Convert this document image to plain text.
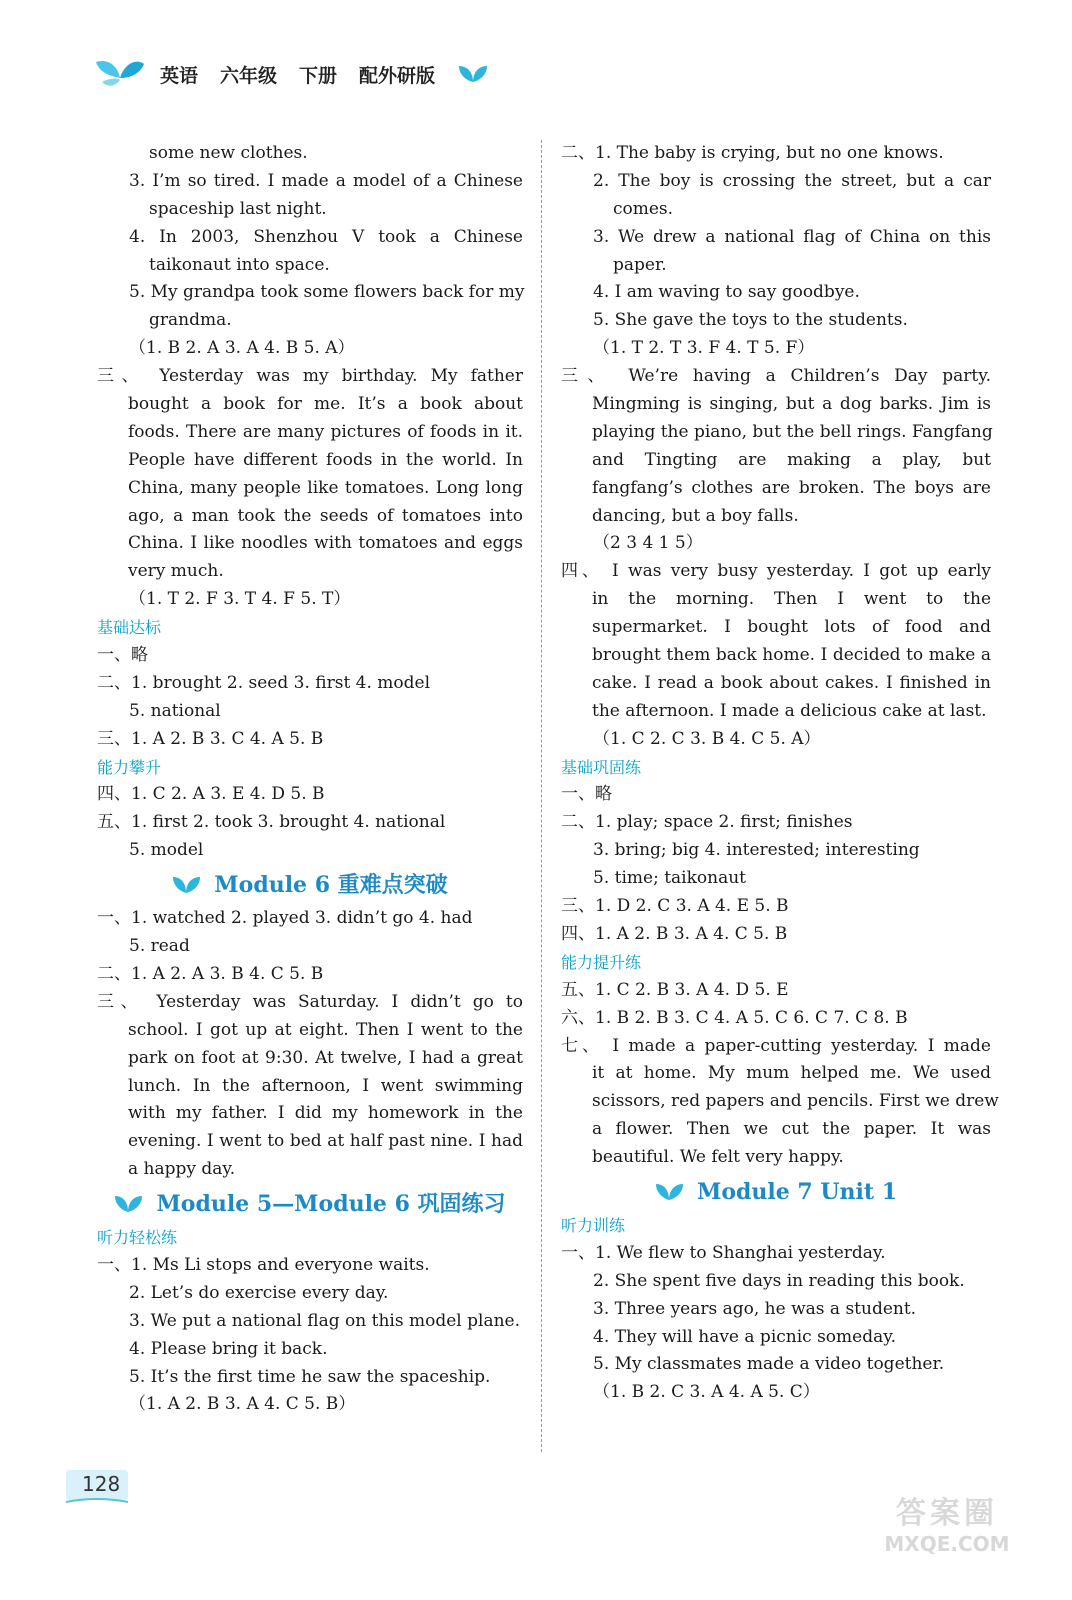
英语 六年级 下册 配外研版
some new clothes.
3. I’m so tired. I made a model of a Chinese
spaceship last night.
4. In 2003, Shenzhou V took a Chinese
taikonaut into space.
5. My grandpa took some flowers back for my
grandma.
（1. B 2. A 3. A 4. B 5. A）
三、 Yesterday was my birthday. My father
bought a book for me. It’s a book about
foods. There are many pictures of foods in it.
People have different foods in the world. In
China, many people like tomatoes. Long long
ago, a man took the seeds of tomatoes into
China. I like noodles with tomatoes and eggs
very much.
（1. T 2. F 3. T 4. F 5. T）
基础达标
一、略
二、1. brought 2. seed 3. first 4. model
5. national
三、1. A 2. B 3. C 4. A 5. B
能力攀升
四、1. C 2. A 3. E 4. D 5. B
五、1. first 2. took 3. brought 4. national
5. model
Module 6 重难点突破
一、1. watched 2. played 3. didn’t go 4. had
5. read
二、1. A 2. A 3. B 4. C 5. B
三、 Yesterday was Saturday. I didn’t go to
school. I got up at eight. Then I went to the
park on foot at 9:30. At twelve, I had a great
lunch. In the afternoon, I went swimming
with my father. I did my homework in the
evening. I went to bed at half past nine. I had
a happy day.
Module 5—Module 6 巩固练习
听力轻松练
一、1. Ms Li stops and everyone waits.
2. Let’s do exercise every day.
3. We put a national flag on this model plane.
4. Please bring it back.
5. It’s the first time he saw the spaceship.
（1. A 2. B 3. A 4. C 5. B）
二、1. The baby is crying, but no one knows.
2. The boy is crossing the street, but a car
comes.
3. We drew a national flag of China on this
paper.
4. I am waving to say goodbye.
5. She gave the toys to the students.
（1. T 2. T 3. F 4. T 5. F）
三、 We’re having a Children’s Day party.
Mingming is singing, but a dog barks. Jim is
playing the piano, but the bell rings. Fangfang
and Tingting are making a play, but
fangfang’s clothes are broken. The boys are
dancing, but a boy falls.
（2 3 4 1 5）
四、 I was very busy yesterday. I got up early
in the morning. Then I went to the
supermarket. I bought lots of food and
brought them back home. I decided to make a
cake. I read a book about cakes. I finished in
the afternoon. I made a delicious cake at last.
（1. C 2. C 3. B 4. C 5. A）
基础巩固练
一、略
二、1. play; space 2. first; finishes
3. bring; big 4. interested; interesting
5. time; taikonaut
三、1. D 2. C 3. A 4. E 5. B
四、1. A 2. B 3. A 4. C 5. B
能力提升练
五、1. C 2. B 3. A 4. D 5. E
六、1. B 2. B 3. C 4. A 5. C 6. C 7. C 8. B
七、 I made a paper-cutting yesterday. I made
it at home. My mum helped me. We used
scissors, red papers and pencils. First we drew
a flower. Then we cut the paper. It was
beautiful. We felt very happy.
Module 7 Unit 1
听力训练
一、1. We flew to Shanghai yesterday.
2. She spent five days in reading this book.
3. Three years ago, he was a student.
4. They will have a picnic someday.
5. My classmates made a video together.
（1. B 2. C 3. A 4. A 5. C）
128
答案圈
MXQE.COM
